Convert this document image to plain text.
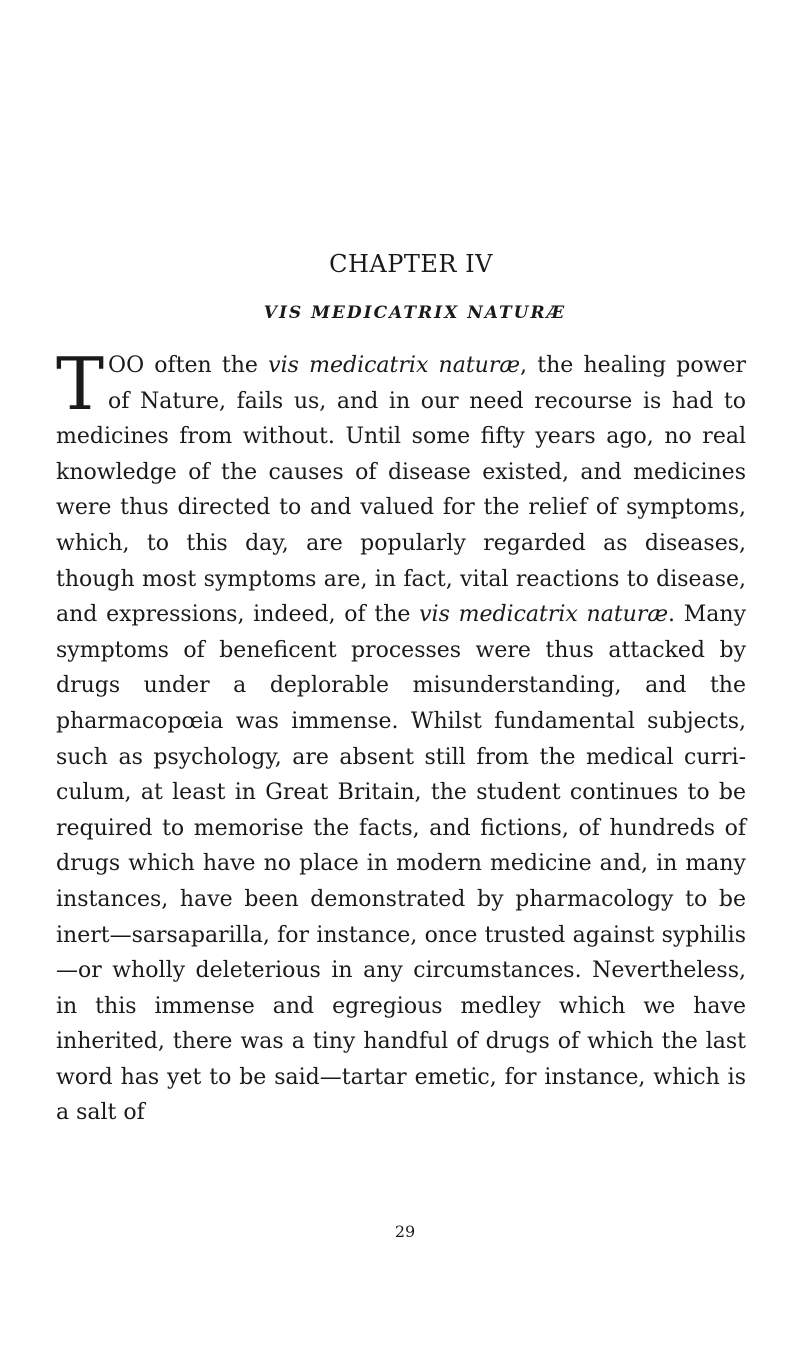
CHAPTER IV
VIS MEDICATRIX NATURÆ

TOO often the vis medicatrix naturæ, the healing power of Nature, fails us, and in our need recourse is had to medicines from without. Until some fifty years ago, no real knowledge of the causes of disease existed, and medicines were thus directed to and valued for the relief of symptoms, which, to this day, are popularly regarded as diseases, though most symptoms are, in fact, vital reactions to disease, and expressions, indeed, of the vis medicatrix naturæ. Many symptoms of beneficent processes were thus attacked by drugs under a deplorable misunderstanding, and the pharmacopœia was immense. Whilst fundamental subjects, such as psychology, are absent still from the medical curriculum, at least in Great Britain, the student continues to be required to memorise the facts, and fictions, of hundreds of drugs which have no place in modern medicine and, in many instances, have been demonstrated by pharmacology to be inert—sarsaparilla, for instance, once trusted against syphilis—or wholly deleterious in any circumstances. Nevertheless, in this immense and egregious medley which we have inherited, there was a tiny handful of drugs of which the last word has yet to be said—tartar emetic, for instance, which is a salt of

29
